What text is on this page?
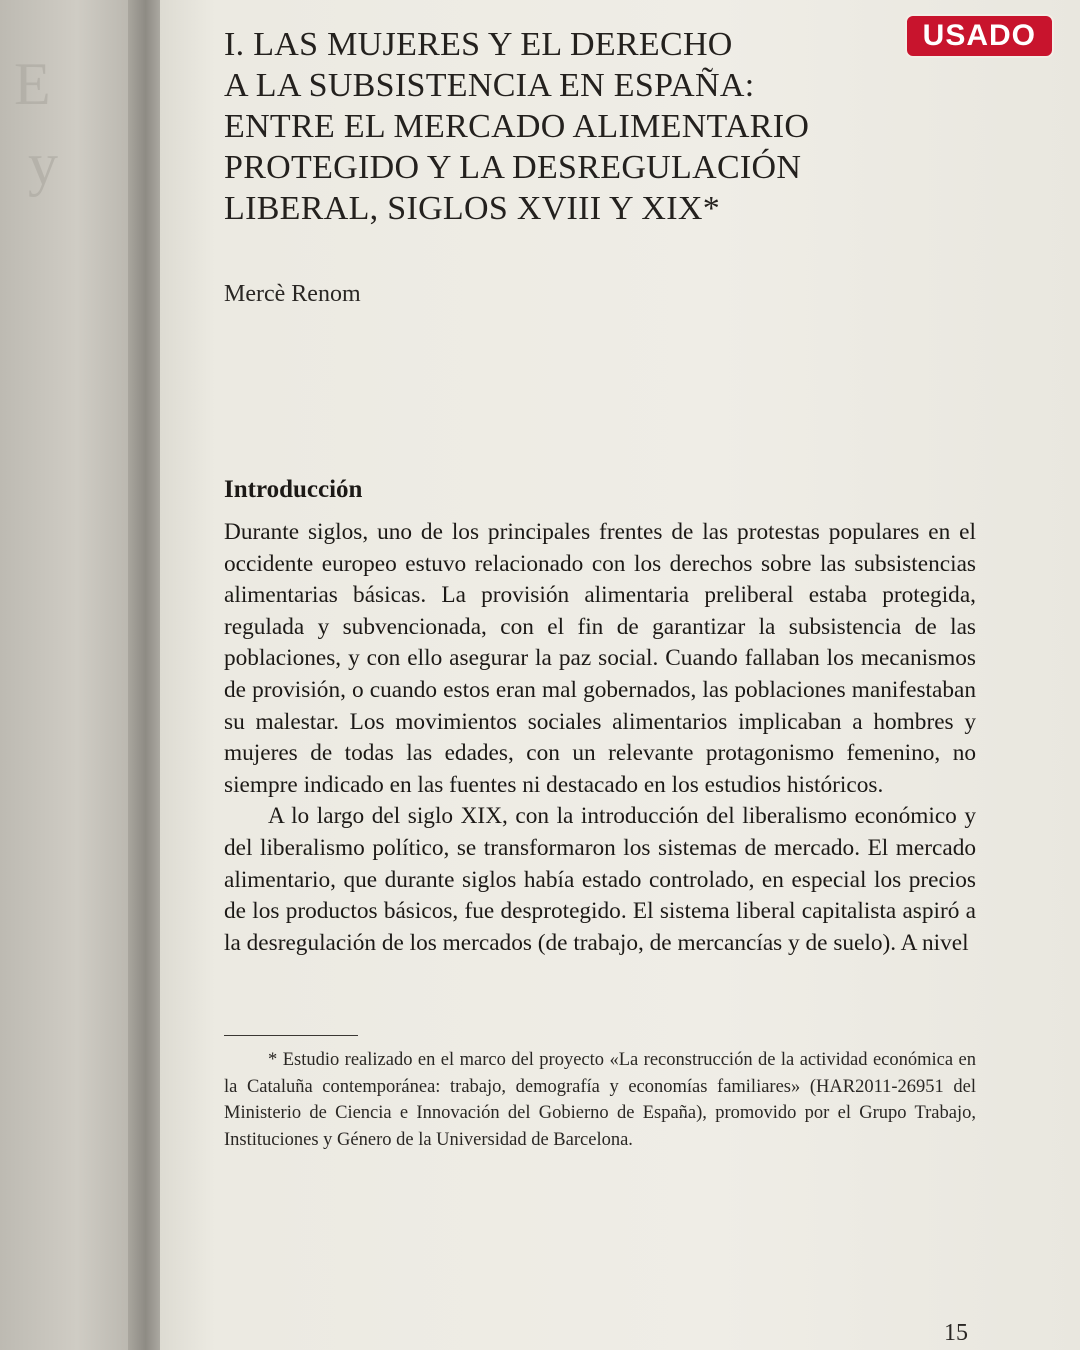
E
y
USADO
I. LAS MUJERES Y EL DERECHO
A LA SUBSISTENCIA EN ESPAÑA:
ENTRE EL MERCADO ALIMENTARIO
PROTEGIDO Y LA DESREGULACIÓN
LIBERAL, SIGLOS XVIII Y XIX*
Mercè Renom
Introducción

Durante siglos, uno de los principales frentes de las protestas populares en el occidente europeo estuvo relacionado con los derechos sobre las subsistencias alimentarias básicas. La provisión alimentaria preliberal estaba protegida, regulada y subvencionada, con el fin de garantizar la subsistencia de las poblaciones, y con ello asegurar la paz social. Cuando fallaban los mecanismos de provisión, o cuando estos eran mal gobernados, las poblaciones manifestaban su malestar. Los movimientos sociales alimentarios implicaban a hombres y mujeres de todas las edades, con un relevante protagonismo femenino, no siempre indicado en las fuentes ni destacado en los estudios históricos.

A lo largo del siglo XIX, con la introducción del liberalismo económico y del liberalismo político, se transformaron los sistemas de mercado. El mercado alimentario, que durante siglos había estado controlado, en especial los precios de los productos básicos, fue desprotegido. El sistema liberal capitalista aspiró a la desregulación de los mercados (de trabajo, de mercancías y de suelo). A nivel

* Estudio realizado en el marco del proyecto «La reconstrucción de la actividad económica en la Cataluña contemporánea: trabajo, demografía y economías familiares» (HAR2011-26951 del Ministerio de Ciencia e Innovación del Gobierno de España), promovido por el Grupo Trabajo, Instituciones y Género de la Universidad de Barcelona.

15
